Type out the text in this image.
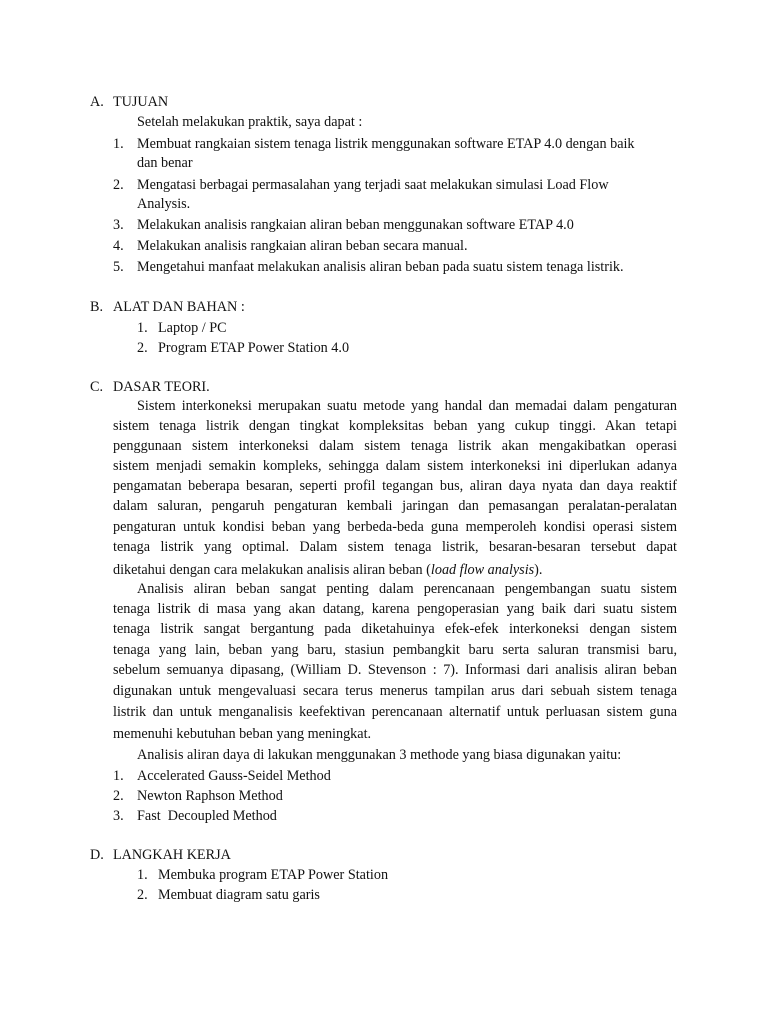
A. TUJUAN
Setelah melakukan praktik, saya dapat :
1. Membuat rangkaian sistem tenaga listrik menggunakan software ETAP 4.0 dengan baik
dan benar
2. Mengatasi berbagai permasalahan yang terjadi saat melakukan simulasi Load Flow
Analysis.
3. Melakukan analisis rangkaian aliran beban menggunakan software ETAP 4.0
4. Melakukan analisis rangkaian aliran beban secara manual.
5. Mengetahui manfaat melakukan analisis aliran beban pada suatu sistem tenaga listrik.
B. ALAT DAN BAHAN :
1. Laptop / PC
2. Program ETAP Power Station 4.0
C. DASAR TEORI.
Sistem interkoneksi merupakan suatu metode yang handal dan memadai dalam pengaturan
sistem tenaga listrik dengan tingkat kompleksitas beban yang cukup tinggi. Akan tetapi
penggunaan sistem interkoneksi dalam sistem tenaga listrik akan mengakibatkan operasi
sistem menjadi semakin kompleks, sehingga dalam sistem interkoneksi ini diperlukan adanya
pengamatan beberapa besaran, seperti profil tegangan bus, aliran daya nyata dan daya reaktif
dalam saluran, pengaruh pengaturan kembali jaringan dan pemasangan peralatan-peralatan
pengaturan untuk kondisi beban yang berbeda-beda guna memperoleh kondisi operasi sistem
tenaga listrik yang optimal. Dalam sistem tenaga listrik, besaran-besaran tersebut dapat
diketahui dengan cara melakukan analisis aliran beban (load flow analysis).
Analisis aliran beban sangat penting dalam perencanaan pengembangan suatu sistem
tenaga listrik di masa yang akan datang, karena pengoperasian yang baik dari suatu sistem
tenaga listrik sangat bergantung pada diketahuinya efek-efek interkoneksi dengan sistem
tenaga yang lain, beban yang baru, stasiun pembangkit baru serta saluran transmisi baru,
sebelum semuanya dipasang, (William D. Stevenson : 7). Informasi dari analisis aliran beban
digunakan untuk mengevaluasi secara terus menerus tampilan arus dari sebuah sistem tenaga
listrik dan untuk menganalisis keefektivan perencanaan alternatif untuk perluasan sistem guna
memenuhi kebutuhan beban yang meningkat.
Analisis aliran daya di lakukan menggunakan 3 methode yang biasa digunakan yaitu:
1. Accelerated Gauss-Seidel Method
2. Newton Raphson Method
3. Fast  Decoupled Method
D. LANGKAH KERJA
1. Membuka program ETAP Power Station
2. Membuat diagram satu garis
